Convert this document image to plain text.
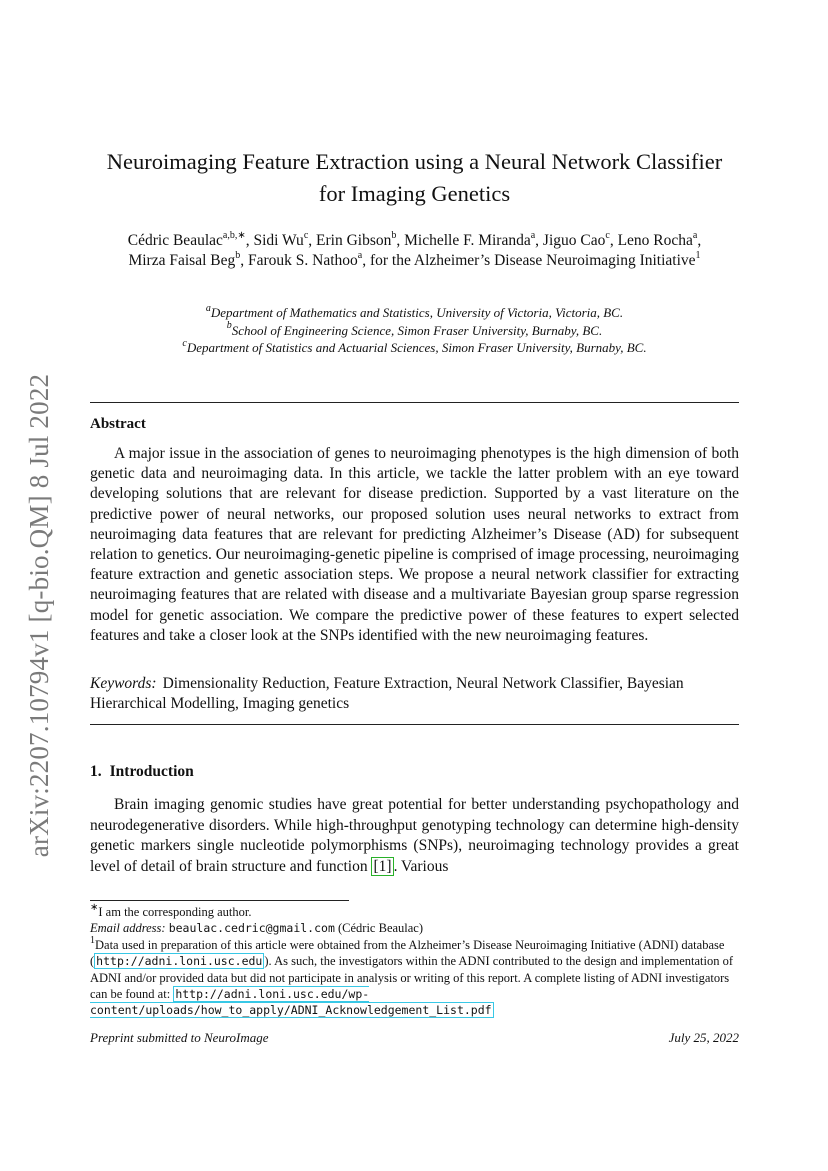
arXiv:2207.10794v1 [q-bio.QM] 8 Jul 2022
Neuroimaging Feature Extraction using a Neural Network Classifier
for Imaging Genetics

Cédric Beaulac$^{a,b,∗}$, Sidi Wu$^c$, Erin Gibson$^b$, Michelle F. Miranda$^a$, Jiguo Cao$^c$, Leno Rocha$^a$, Mirza Faisal Beg$^b$, Farouk S. Nathoo$^a$, for the Alzheimer’s Disease Neuroimaging Initiative$^1$

$^a$Department of Mathematics and Statistics, University of Victoria, Victoria, BC.
$^b$School of Engineering Science, Simon Fraser University, Burnaby, BC.
$^c$Department of Statistics and Actuarial Sciences, Simon Fraser University, Burnaby, BC.
Abstract

A major issue in the association of genes to neuroimaging phenotypes is the high dimension of both genetic data and neuroimaging data. In this article, we tackle the latter problem with an eye toward developing solutions that are relevant for disease prediction. Supported by a vast literature on the predictive power of neural networks, our proposed solution uses neural networks to extract from neuroimaging data features that are relevant for predicting Alzheimer’s Disease (AD) for subsequent relation to genetics. Our neuroimaging-genetic pipeline is comprised of image processing, neuroimaging feature extraction and genetic association steps. We propose a neural network classifier for extracting neuroimaging features that are related with disease and a multivariate Bayesian group sparse regression model for genetic association. We compare the predictive power of these features to expert selected features and take a closer look at the SNPs identified with the new neuroimaging features.

Keywords: Dimensionality Reduction, Feature Extraction, Neural Network Classifier, Bayesian Hierarchical Modelling, Imaging genetics

1. Introduction

Brain imaging genomic studies have great potential for better understanding psychopathology and neurodegenerative disorders. While high-throughput genotyping technology can determine high-density genetic markers single nucleotide polymorphisms (SNPs), neuroimaging technology provides a great level of detail of brain structure and function [1] . Various

∗I am the corresponding author.

Email address: beaulac.cedric@gmail.com (Cédric Beaulac)

$^1$Data used in preparation of this article were obtained from the Alzheimer’s Disease Neuroimaging Initiative (ADNI) database ( http://adni.loni.usc.edu ). As such, the investigators within the ADNI contributed to the design and implementation of ADNI and/or provided data but did not participate in analysis or writing of this report. A complete listing of ADNI investigators can be found at: http://adni.loni.usc.edu/wp-content/uploads/how_to_apply/ADNI_Acknowledgement_List.pdf

Preprint submitted to NeuroImage	July 25, 2022
